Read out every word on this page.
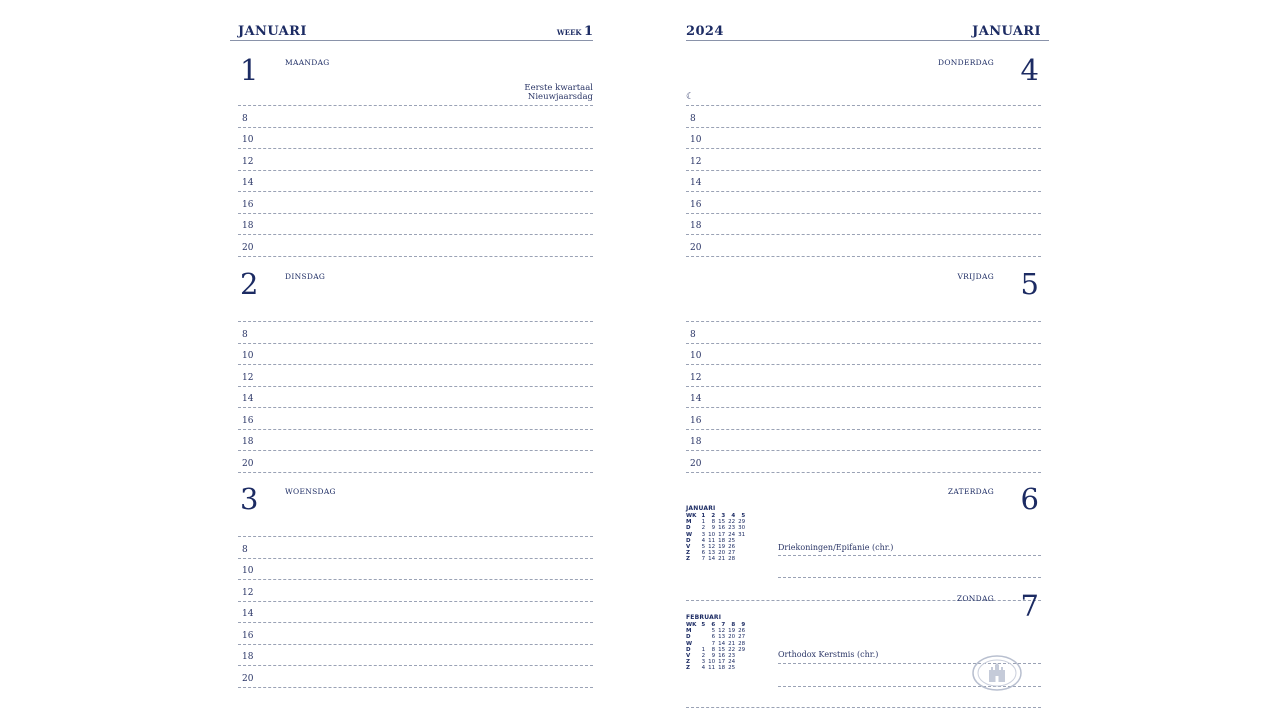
JANUARI	WEEK 1
1	MAANDAG
Eerste kwartaal
Nieuwjaarsdag
8
10
12
14
16
18
20
2	DINSDAG
8
10
12
14
16
18
20
3	WOENSDAG
8
10
12
14
16
18
20
2024	JANUARI
4
DONDERDAG
☾
8
10
12
14
16
18
20
5
VRIJDAG
8
10
12
14
16
18
20
6
ZATERDAG
JANUARI
WK	1	2	3	4	5
M	1	8	15	22	29
D	2	9	16	23	30
W	3	10	17	24	31
D	4	11	18	25	
V	5	12	19	26	
Z	6	13	20	27	
Z	7	14	21	28	
Driekoningen/Epifanie (chr.)
7
ZONDAG
FEBRUARI
WK	5	6	7	8	9
M		5	12	19	26
D		6	13	20	27
W		7	14	21	28
D	1	8	15	22	29
V	2	9	16	23	
Z	3	10	17	24	
Z	4	11	18	25	
Orthodox Kerstmis (chr.)
